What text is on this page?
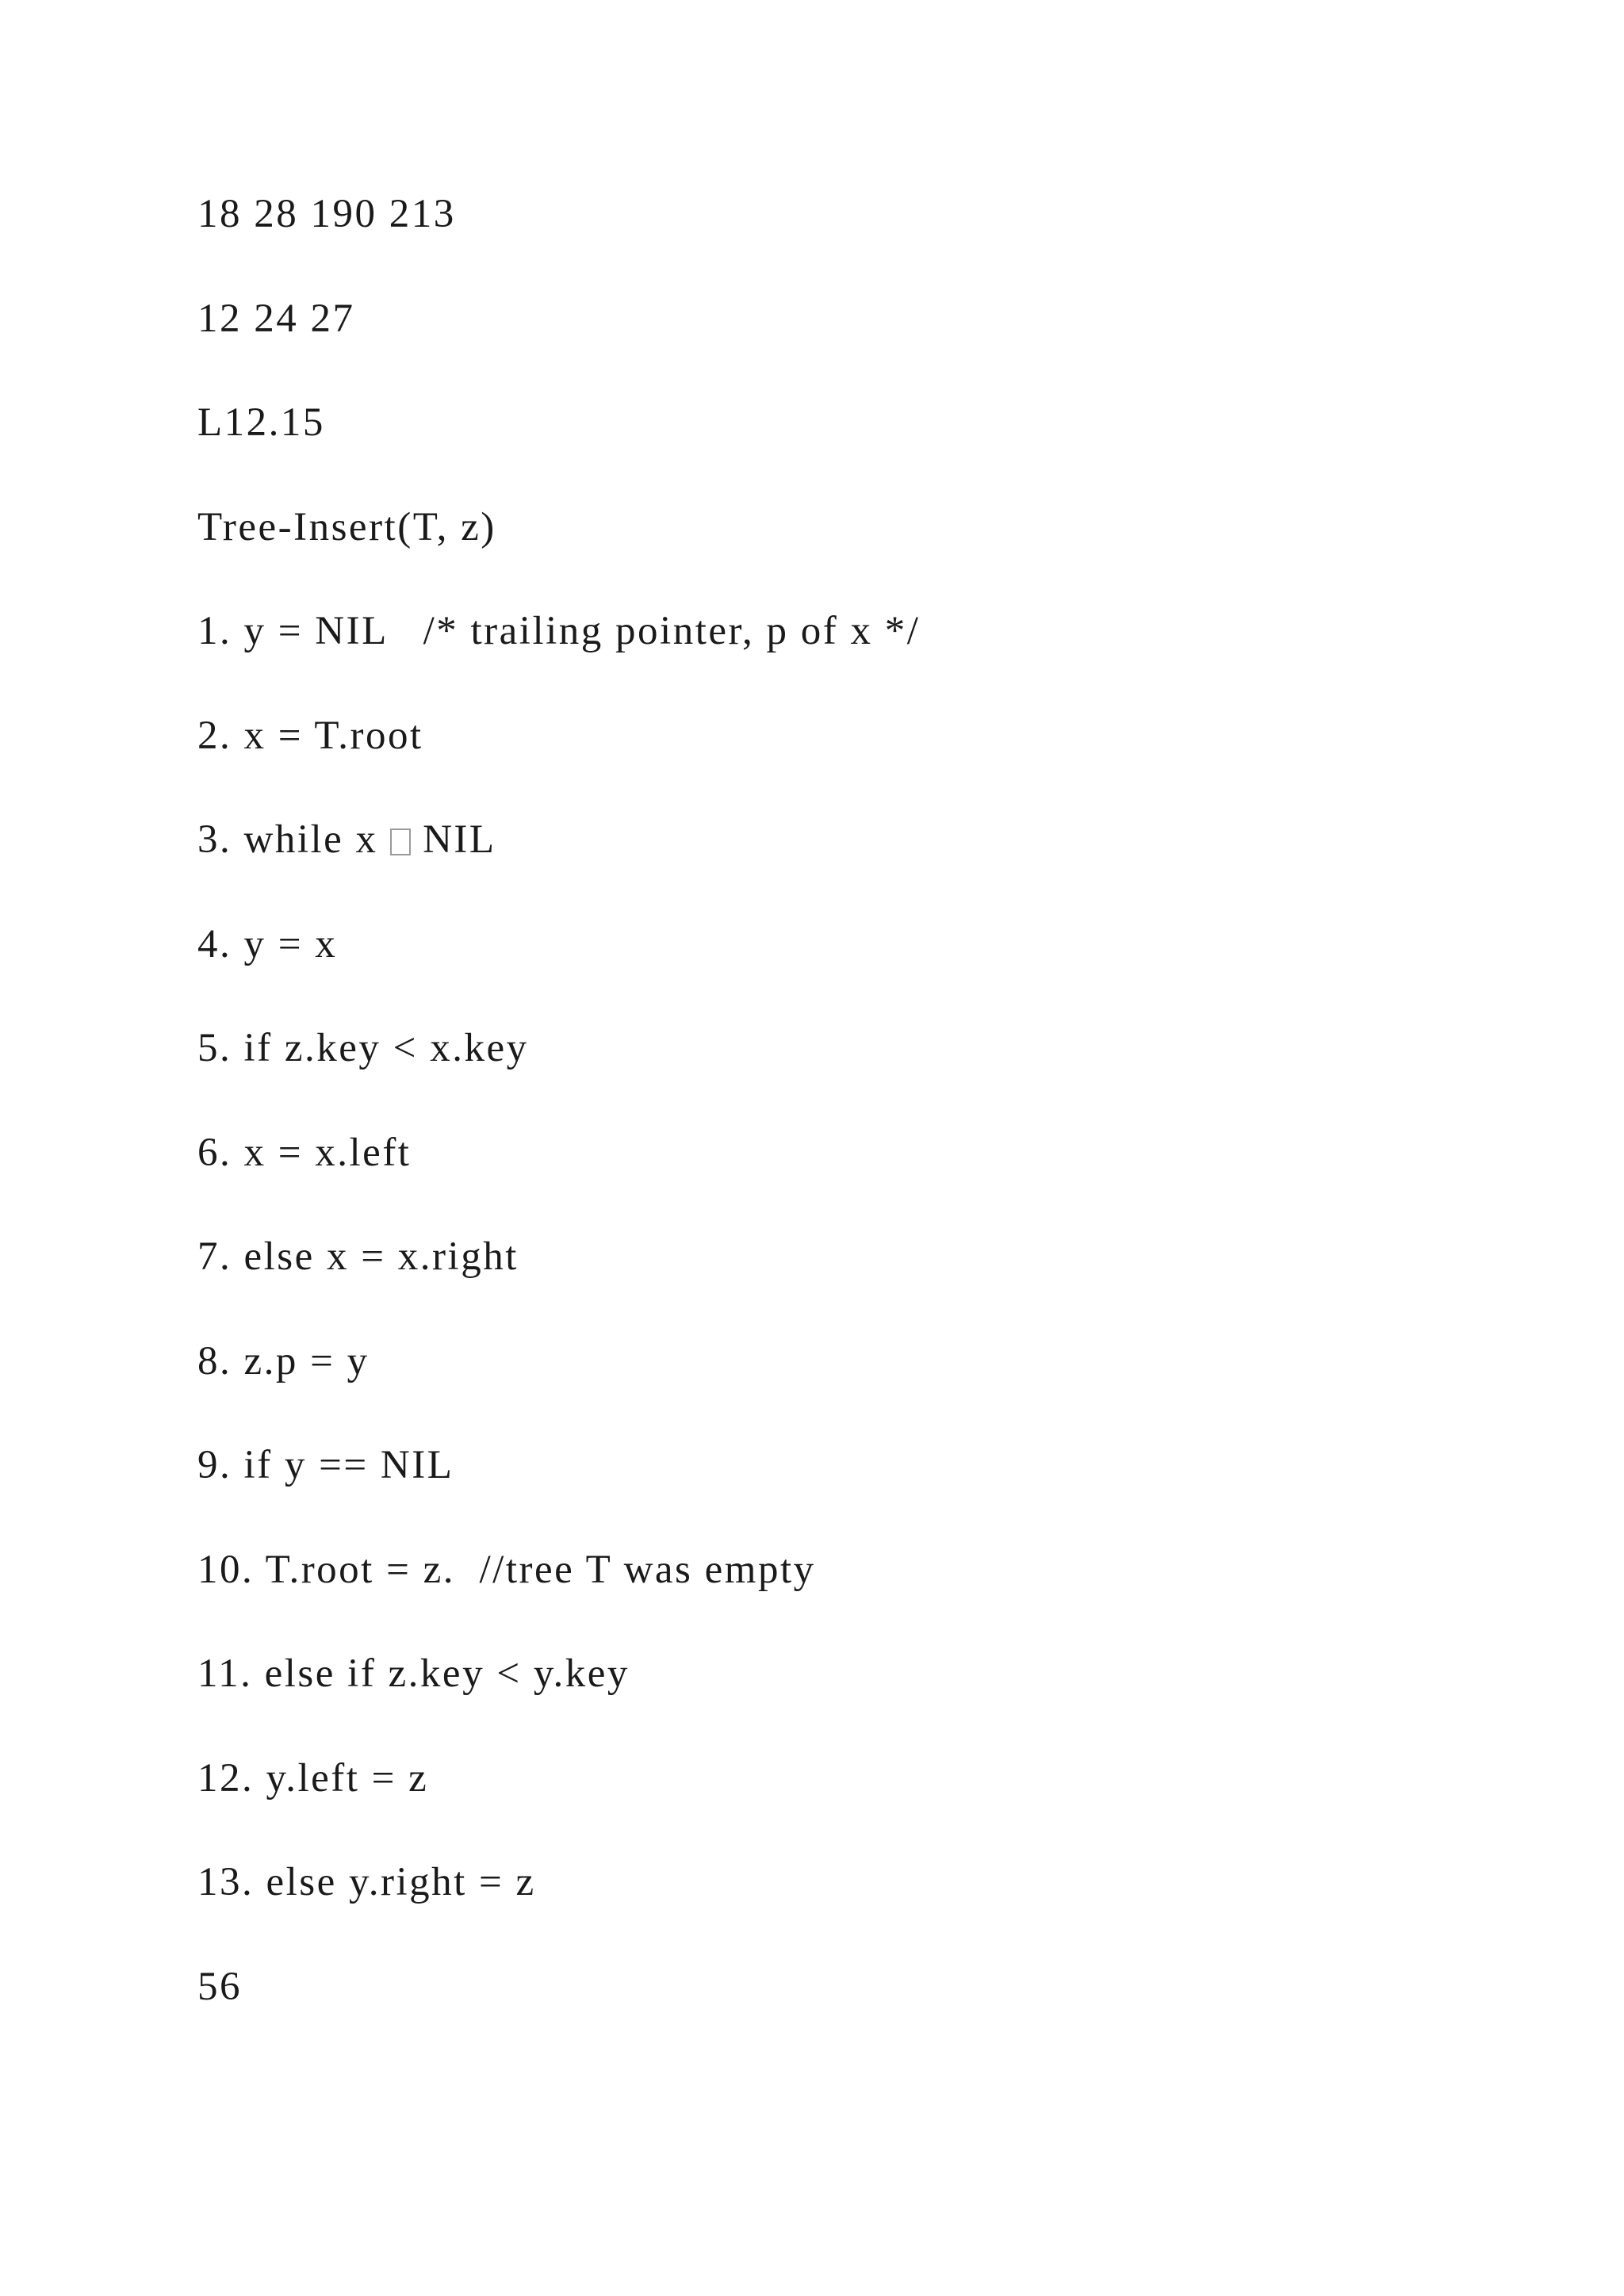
18 28 190 213
12 24 27
L12.15
Tree-Insert(T, z)
1. y = NIL   /* trailing pointer, p of x */
2. x = T.root
3. while x  NIL
4. y = x
5. if z.key < x.key
6. x = x.left
7. else x = x.right
8. z.p = y
9. if y == NIL
10. T.root = z.  //tree T was empty
11. else if z.key < y.key
12. y.left = z
13. else y.right = z
56
